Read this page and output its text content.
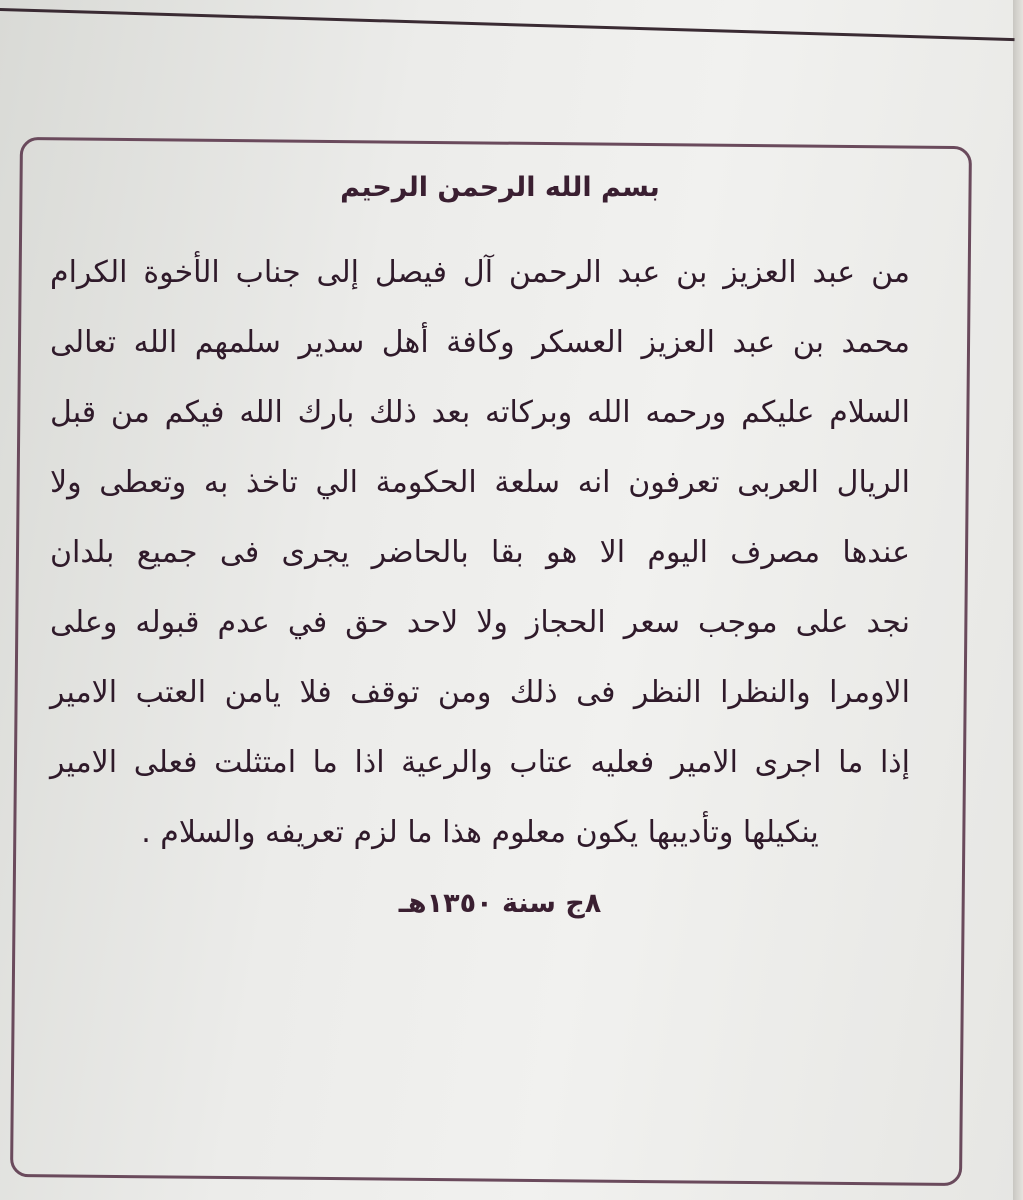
بسم الله الرحمن الرحيم
من عبد العزيز بن عبد الرحمن آل فيصل إلى جناب الأخوة الكرام
محمد بن عبد العزيز العسكر وكافة أهل سدير سلمهم الله تعالى
السلام عليكم ورحمه الله وبركاته بعد ذلك بارك الله فيكم من قبل
الريال العربى تعرفون انه سلعة الحكومة الي تاخذ به وتعطى ولا
عندها مصرف اليوم الا هو بقا بالحاضر يجرى فى جميع بلدان
نجد على موجب سعر الحجاز ولا لاحد حق في عدم قبوله وعلى
الاومرا والنظرا النظر فى ذلك ومن توقف فلا يامن العتب الامير
إذا ما اجرى الامير فعليه عتاب والرعية اذا ما امتثلت فعلى الامير
ينكيلها وتأديبها يكون معلوم هذا ما لزم تعريفه والسلام .
٨ج سنة ١٣٥٠هـ
